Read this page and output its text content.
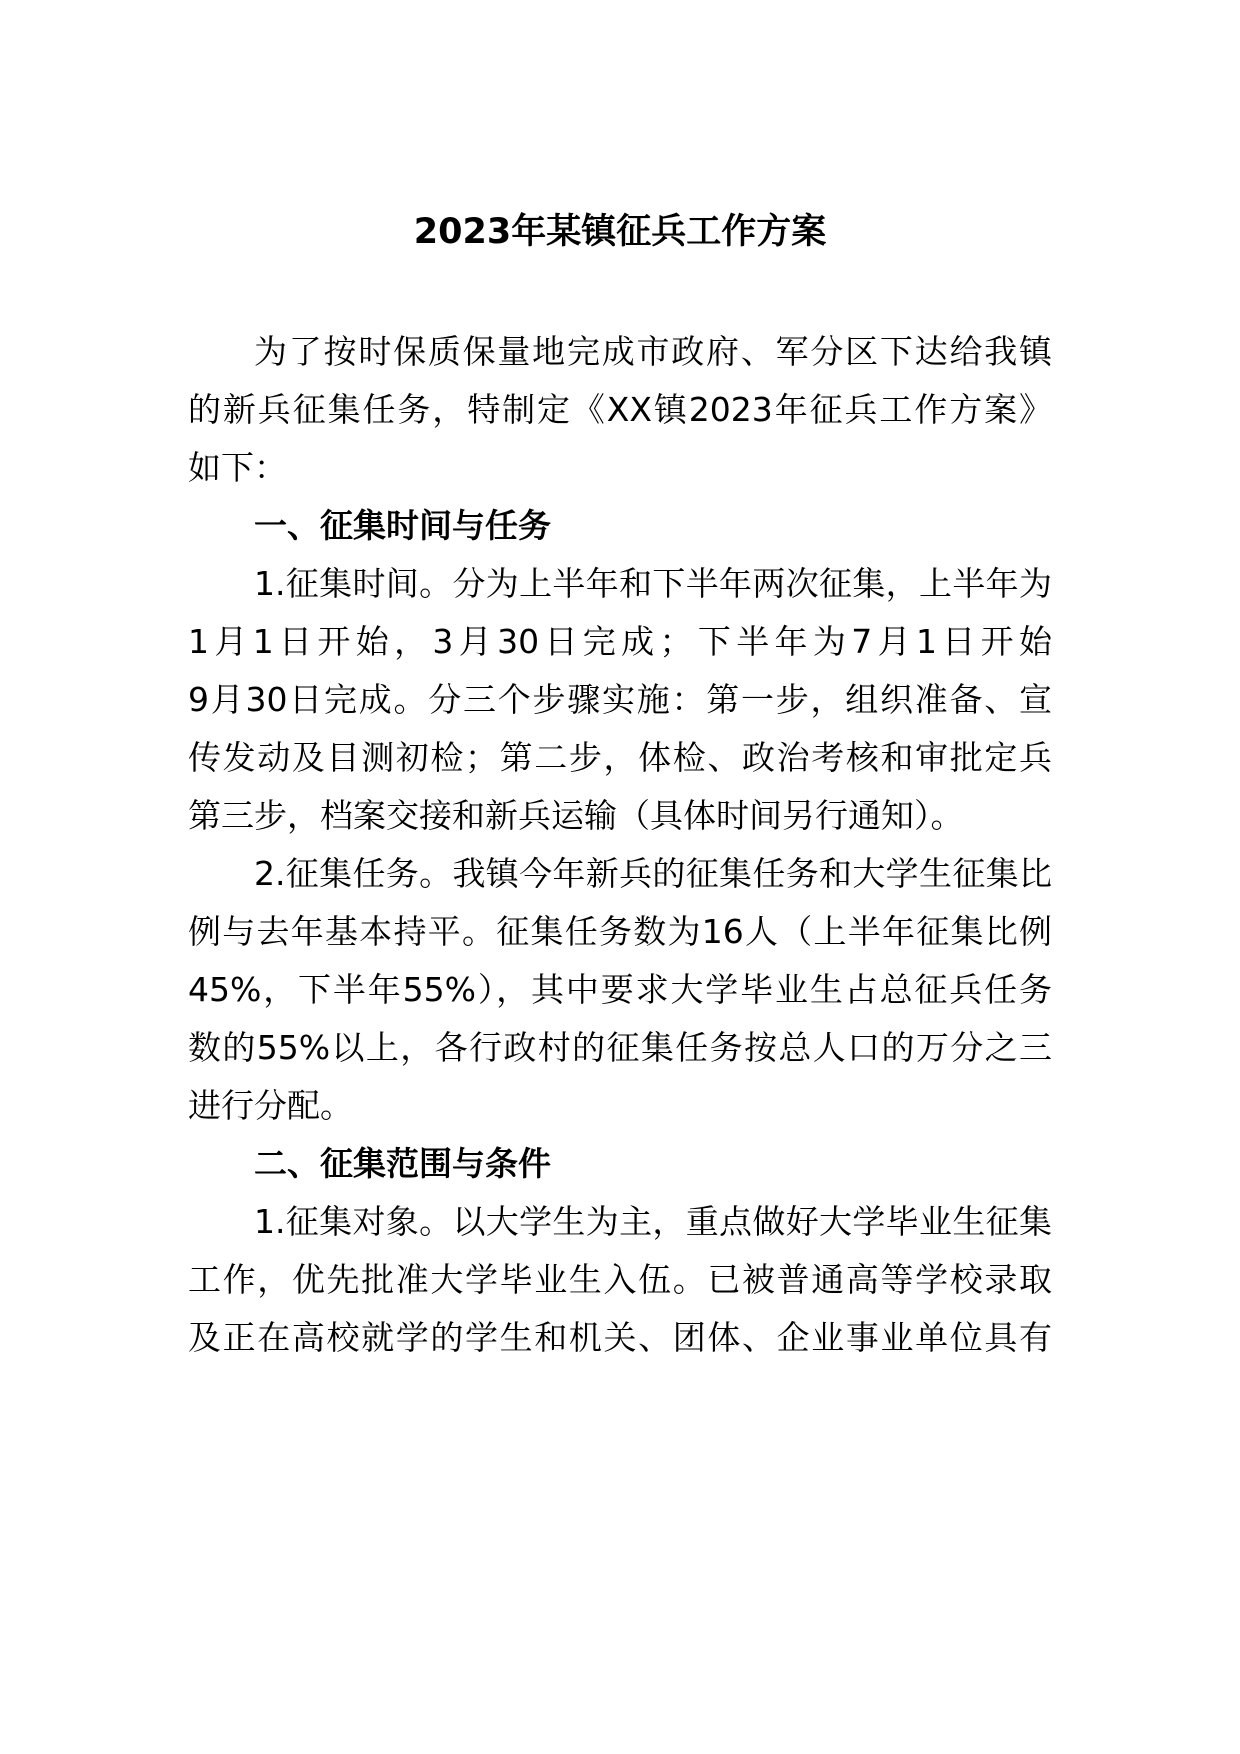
2023年某镇征兵工作方案
为了按时保质保量地完成市政府、军分区下达给我镇
的新兵征集任务，特制定《XX镇2023年征兵工作方案》
如下：
一、征集时间与任务
1.征集时间。分为上半年和下半年两次征集，上半年为
1月1日开始，3月30日完成；下半年为7月1日开始
9月30日完成。分三个步骤实施：第一步，组织准备、宣
传发动及目测初检；第二步，体检、政治考核和审批定兵
第三步，档案交接和新兵运输（具体时间另行通知）。
2.征集任务。我镇今年新兵的征集任务和大学生征集比
例与去年基本持平。征集任务数为16人（上半年征集比例
45%，下半年55%），其中要求大学毕业生占总征兵任务
数的55%以上，各行政村的征集任务按总人口的万分之三
进行分配。
二、征集范围与条件
1.征集对象。以大学生为主，重点做好大学毕业生征集
工作，优先批准大学毕业生入伍。已被普通高等学校录取
及正在高校就学的学生和机关、团体、企业事业单位具有
